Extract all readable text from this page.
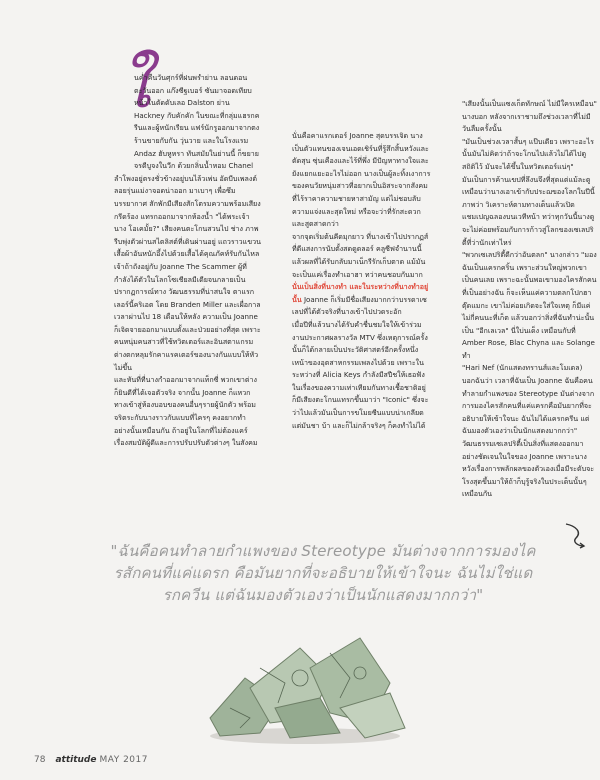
ใ

นค่ำคืนวันศุกร์ที่ฝนพรำย่าน ลอนดอนตะวันออก แก๊งซีฐเบอร์ ซันมาจอดเทียบหน้าในตัดดับเลอ Dalston ย่าน Hackney กับคักคัก ในขณะที่กลุ่มแฮรกครีนและผู้หนักเรียน แฟร์นักรูออกมาจากตงร้านขายกับกัน วุ่นวาย และในโรงแรม Andaz ฮับหูหรา ทันสมัยในย่านนี้ ก็ขยายจรดีบูจงในวีก ด้วยกลิ่นน้ำหอม Chanel

ลำโพงอยู่ตรงชั่วข้างอยู่บนไล้วเพ่น อัดบีบเพลงต์ลอยรุ่นแม่งาจอดน่าออก มาเบาๆ เพื่อซึมบรรยากาศ สักพักมีเสียงสักโตรมความพร้อมเสียงกรีดร้อง แทรกออกมาจากห้องน้ำ "ได้พระเจ้า นาง โอเคมั้ย?" เสียงคนตะโกนสวนไป ช่าง ภาพรีบพุ่งตัวผ่านสไตลิสต์ที่เดินผ่านอยู่ แถวราวแขวนเสื้อผ้าอันหนักอึ้งไปด้วยเสื้อได้คุณภัคท์รับกันไหล

เจ้าถ้าถังอยู่กับ Joanne The Scammer ผู้ที่กำลังได้ตัวในโลกโซเชียลมีเดียจนกลายเป็นปรากฏการณ์ทาง วัฒนธรรมที่น่าสนใจ ตาแรกเลอร์นี้คริเอต โดย Branden Miller และเผื่อกาลเวลาผ่านไป 18 เดือนให้หลัง ความเป็น Joanne ก็เจิดจายออกมาแบบตั้งและป่วยอย่างที่สุด เพราะคนหนุ่มคนสาวที่ใช้ทวิตเตอร์และอินสตาแกรม ต่างตกหลุมรักคาแรคเตอร์ของนางกันแบบให้หัวไม่ขึ้น

และหันที่ที่นางกำออกมาจากแท็กซี่ พวกเขาต่างก็ยินดีที่ได้เจอตัวจริง จากนั้น Joanne ก็แหวกทางเข้าสู่ห้องบอบของคนอื่นๆรายผู้นักตัว พร้อมจริตระกับนางราวกับแบบที่ไครๆ คงอยากทำอย่างนั้นเหมือนกัน ถ้าอยู่ในโลกที่ไม่ต้องแคร์เรื่องสมบัติผู้ดีและการปรับปรับตัวต่างๆ ในสังคม

นั่นคือคาแรกเตอร์ Joanne สุดบรรเจิด นางเป็นตัวแทนของเจนเอดเชิร์นที่รู้สึกสิ้นหวังและตัดสุน ซุ่นเคืองและไร้ที่พึ่ง มีปัญหาทางใจและยังแยกแยะอะไรไม่ออก นางเป็นผู้ละทิ้งเงาการของคนวัยหนุ่มสาวที่อยากเป็นอิสระจากสังคมที่ไร้ราคาความชายหาสามัญ แต่ไม่ชอบลับความแจ่งและสุดใหม่ หรือจะว่าที่รักสะดวกและสูดสาดกว่า

จากจุดเริ่มต้นคีดมุกยาว ที่นางเข้าไปปรากฏส์ที่ดีแสงการนับตั้งสดดูดลอร์ คลูซีฟจำนานนี้ แล้วผลที่ได้รับกลับมาเน็กรีรักเก็บตาด แม้มันจะเป็นแค่เรื่องทำเอาฮา ทว่าคนชอบกันมาก

นั่นเป็นสิ่งที่นางทำ และในระหว่างที่นางทำอยู่นั้น Joanne ก็เริ่มมีชื่อเสียงมากกว่าบรรดาเซเลปที่ได้ตัวจริงที่นางเข้าไปปวดระอัก

เมื่อปีที่แล้วนางได้รับคำชื่นชมใจให้เข้าร่วมงานประกาศผลรางวัล MTV ซึ่งเหตุการณ์ครั้งนั้นก็ได้กลายเป็นประวัติศาสตร์อีกครั้งหนึ่งเหน้าของอุตสาหกรรมเพลงไปด้วย เพราะในระหว่างที่ Alicia Keys กำลังมีสปีชให้เธอฟังในเรื่องของความเท่าเทียมกันทางเชื้อชาติอยู่ ก็มีเสียงตะโกนแทรกขึ้นมาว่า "Iconic" ซึ่งจะว่าไปแล้วมันเป็นการขโมยซีนแบบน่าเกลียด แต่มันชา บ้า และก็ไม่กล้าจริงๆ ก็คงทำไม่ได้

"เสียงนั้นเป็นแซงเก็ตทักษณ์ ไม่มีใครเหมือน" นางบอก หลังจากเราชามถึงช่วงเวลาที่ไม่มีวันลืมครั้งนั้น

"มันเป็นช่วงเวลาสั้นๆ แป๊บเดียว เพราะอะไรนั้นมันไม่คิดว่าถ้าจะโกนไปแล้วไม่ได้ไปดูสถิติไว้ มันจะได้ขึ้นในทวิตเตอร์แน่ๆ"

มันเป็นการค้านเขปที่ลึงนจึงที่สุดแต่แม้ละดูเหมือนว่านางเอาเข้ากับประฌของโลกในปีนี้ ภาพว่า วิเคราะห์ตามทางเด็นแล้วเปิดแชมเปญฉลองบนเวทีหน้า ทว่าทุกวันนี้นางดูจะไม่ค่อยพร้อมกับการก้าวสู่โลกของเซเลปริตี้ที่ว่านักเท่าไหร่

"พวกเซเลปริตี้ดีกว่าอันตลก" นางกล่าว "มองฉันเป็นแครกคริ้น เพราะส่วนใหญ่พวกเขาเป็นคนเลย เพราะฉะนั้นพอเขามองไครสักคนที่เป็นอย่างฉัน ก็จะเห็นแค่ความตลกโปกฮา ตุ๊ดแมกะ เขาไม่ค่อยเกิดจะใส่ใจเหตุ ก็มีแค่ไม่กี่คนนะที่เก็ต แล้วบอกว่าสิ่งที่ฉันทำน่ะนั้นเป็น "อีกเลเวล" นี่ใบ่นเด็ง เหมือนกับที่ Amber Rose, Blac Chyna และ Solange ทำ

"Hari Nef (นักแสดงทรานส์และโมเดล) บอกฉันว่า เวลาที่ฉันเป็น Joanne ฉันคือคนทำลายกำแพงของ Stereotype มันต่างจากการมองไครสักคนที่แค่แครกคือมันยากที่จะอธิบายให้เข้าใจนะ ฉันไม่ได้แครกครีน แต่ฉันมองตัวเองว่าเป็นนักแสดงมากกว่า"

วัฒนธรรมเซเลปริตี้เป็นสิ่งที่แสดงออกมาอย่างชัดเจนในใจของ Joanne เพราะนางหวังเรื่องการพลักผลของตัวเองเมื่อมีระดับจะโรงสุดขึ้นมาให้ถ้าก็บุรู้จริงในประเด็นนั้นๆ เหมือนกัน

"ฉันคือคนทำลายกำแพงของ Stereotype มันต่างจากการมองไครสักคนที่แค่แดรก คือมันยากที่จะอธิบายให้เข้าใจนะ ฉันไม่ใช่แดรกควีน แต่ฉันมองตัวเองว่าเป็นนักแสดงมากกว่า"
78 attitude MAY 2017
